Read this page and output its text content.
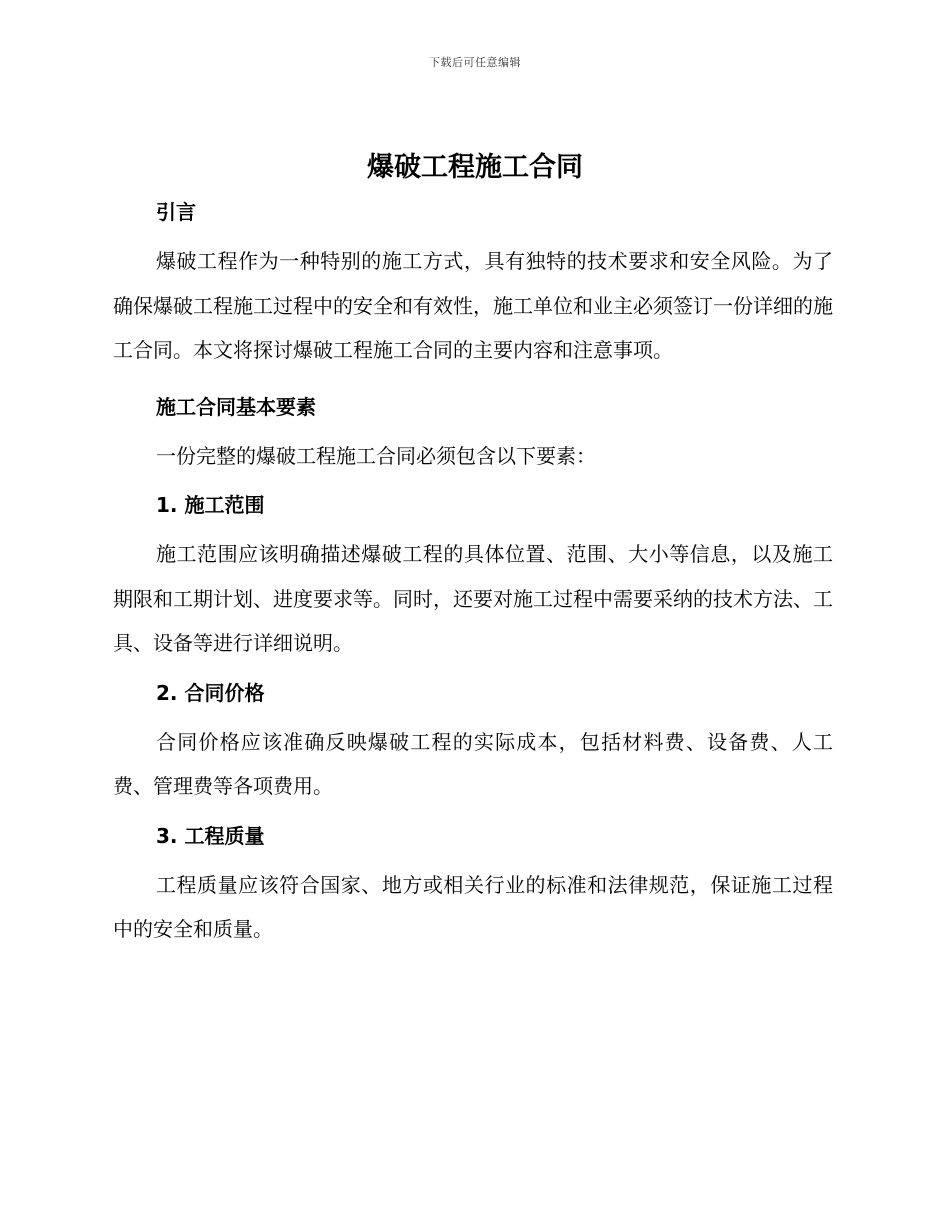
下载后可任意编辑
爆破工程施工合同
引言

爆破工程作为一种特别的施工方式，具有独特的技术要求和安全风险。为了确保爆破工程施工过程中的安全和有效性，施工单位和业主必须签订一份详细的施工合同。本文将探讨爆破工程施工合同的主要内容和注意事项。

施工合同基本要素

一份完整的爆破工程施工合同必须包含以下要素：

1. 施工范围

施工范围应该明确描述爆破工程的具体位置、范围、大小等信息，以及施工期限和工期计划、进度要求等。同时，还要对施工过程中需要采纳的技术方法、工具、设备等进行详细说明。

2. 合同价格

合同价格应该准确反映爆破工程的实际成本，包括材料费、设备费、人工费、管理费等各项费用。

3. 工程质量

工程质量应该符合国家、地方或相关行业的标准和法律规范，保证施工过程中的安全和质量。
